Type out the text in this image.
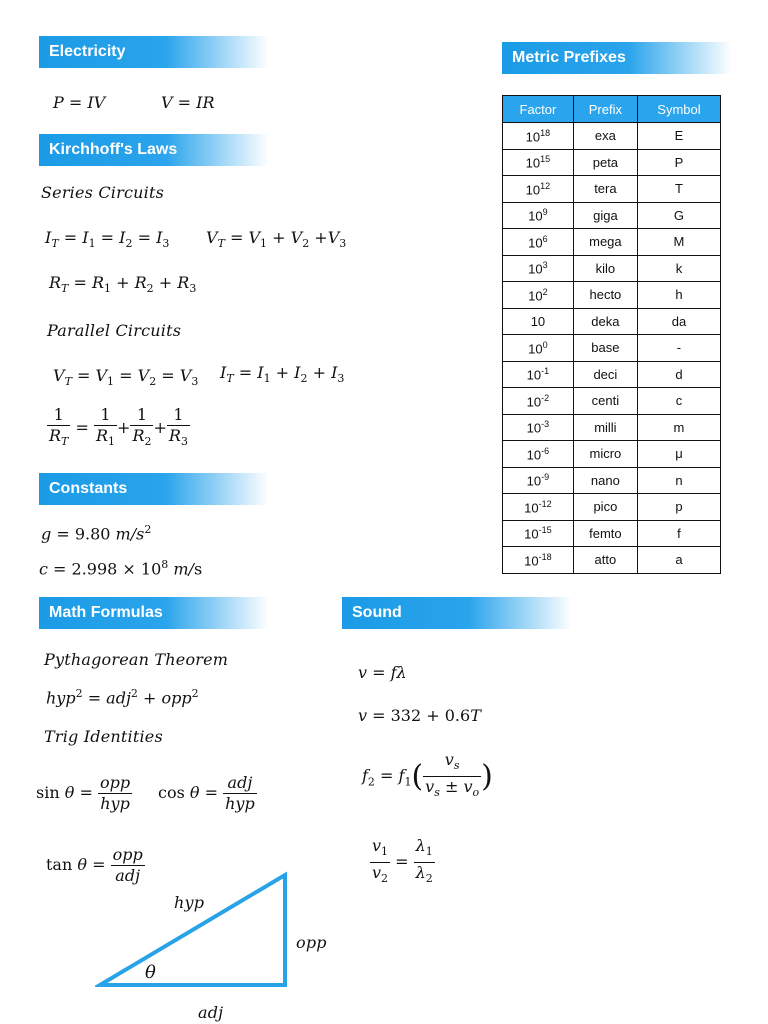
Electricity
Kirchhoff's Laws
Constants
Math Formulas	Sound
Metric Prefixes
P = IV	V = IR
Series Circuits
$I_T = I_1 = I_2 = I_3$ $V_T = V_1 + V_2 +V_3$
$R_T = R_1 + R_2 + R_3$
Parallel Circuits
$V_T = V_1 = V_2 = V_3$ $I_T = I_1 + I_2 + I_3$
$\frac{1}{R_T} = \frac{1}{R_1} + \frac{1}{R_2} + \frac{1}{R_3}$
g = 9.80 $m/s^2$
$c = 2.998 \times 10^8$ m/s
Pythagorean Theorem
hyp$^2$ = adj$^2$ + opp$^2$
Trig Identities
$\sin \theta = \frac{\text{opp}}{\text{hyp}}$ $\cos \theta = \frac{\text{adj}}{\text{hyp}}$
$\tan \theta = \frac{\text{opp}}{\text{adj}}$
hyp
opp
adj
θ
v = fλ
v = 332 + 0.6T
$f_2 = f_1( \frac{v_s}{v_s \pm v_o}$ )
$\frac{v_1}{v_2} = \frac{\lambda_1}{\lambda_2}$
Factor	Prefix	Symbol
$10^{18}$	exa	E
$10^{15}$	peta	P
$10^{12}$	tera	T
$10^9$	giga	G
$10^6$	mega	M
$10^3$	kilo	k
$10^2$	hecto	h
10	deka	da
$10^0$	base	-
$10^{-1}$	deci	d
$10^{-2}$	centi	c
$10^{-3}$	milli	m
$10^{-6}$	micro	μ
$10^{-9}$	nano	n
$10^{-12}$	pico	p
$10^{-15}$	femto	f
$10^{-18}$	atto	a
